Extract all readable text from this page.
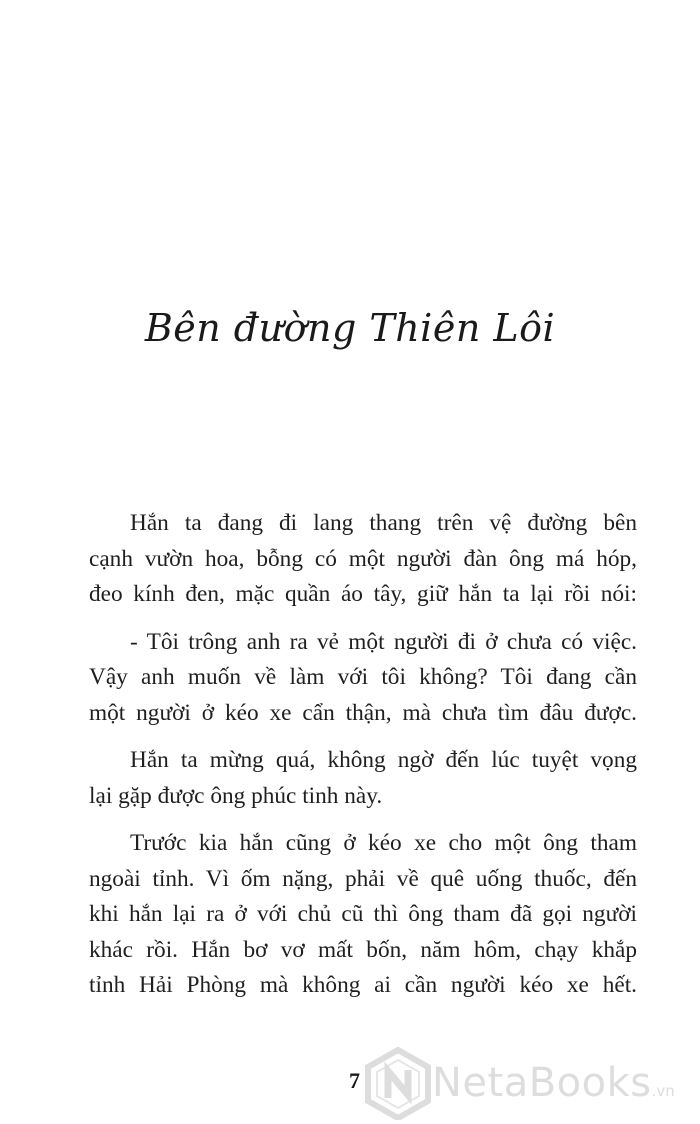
Bên đường Thiên Lôi

Hắn ta đang đi lang thang trên vệ đường bên
cạnh vườn hoa, bỗng có một người đàn ông má hóp,
đeo kính đen, mặc quần áo tây, giữ hắn ta lại rồi nói:

- Tôi trông anh ra vẻ một người đi ở chưa có việc.
Vậy anh muốn về làm với tôi không? Tôi đang cần
một người ở kéo xe cẩn thận, mà chưa tìm đâu được.

Hắn ta mừng quá, không ngờ đến lúc tuyệt vọng
lại gặp được ông phúc tinh này.

Trước kia hắn cũng ở kéo xe cho một ông tham
ngoài tỉnh. Vì ốm nặng, phải về quê uống thuốc, đến
khi hắn lại ra ở với chủ cũ thì ông tham đã gọi người
khác rồi. Hắn bơ vơ mất bốn, năm hôm, chạy khắp
tỉnh Hải Phòng mà không ai cần người kéo xe hết.

7 NetaBooks.vn
